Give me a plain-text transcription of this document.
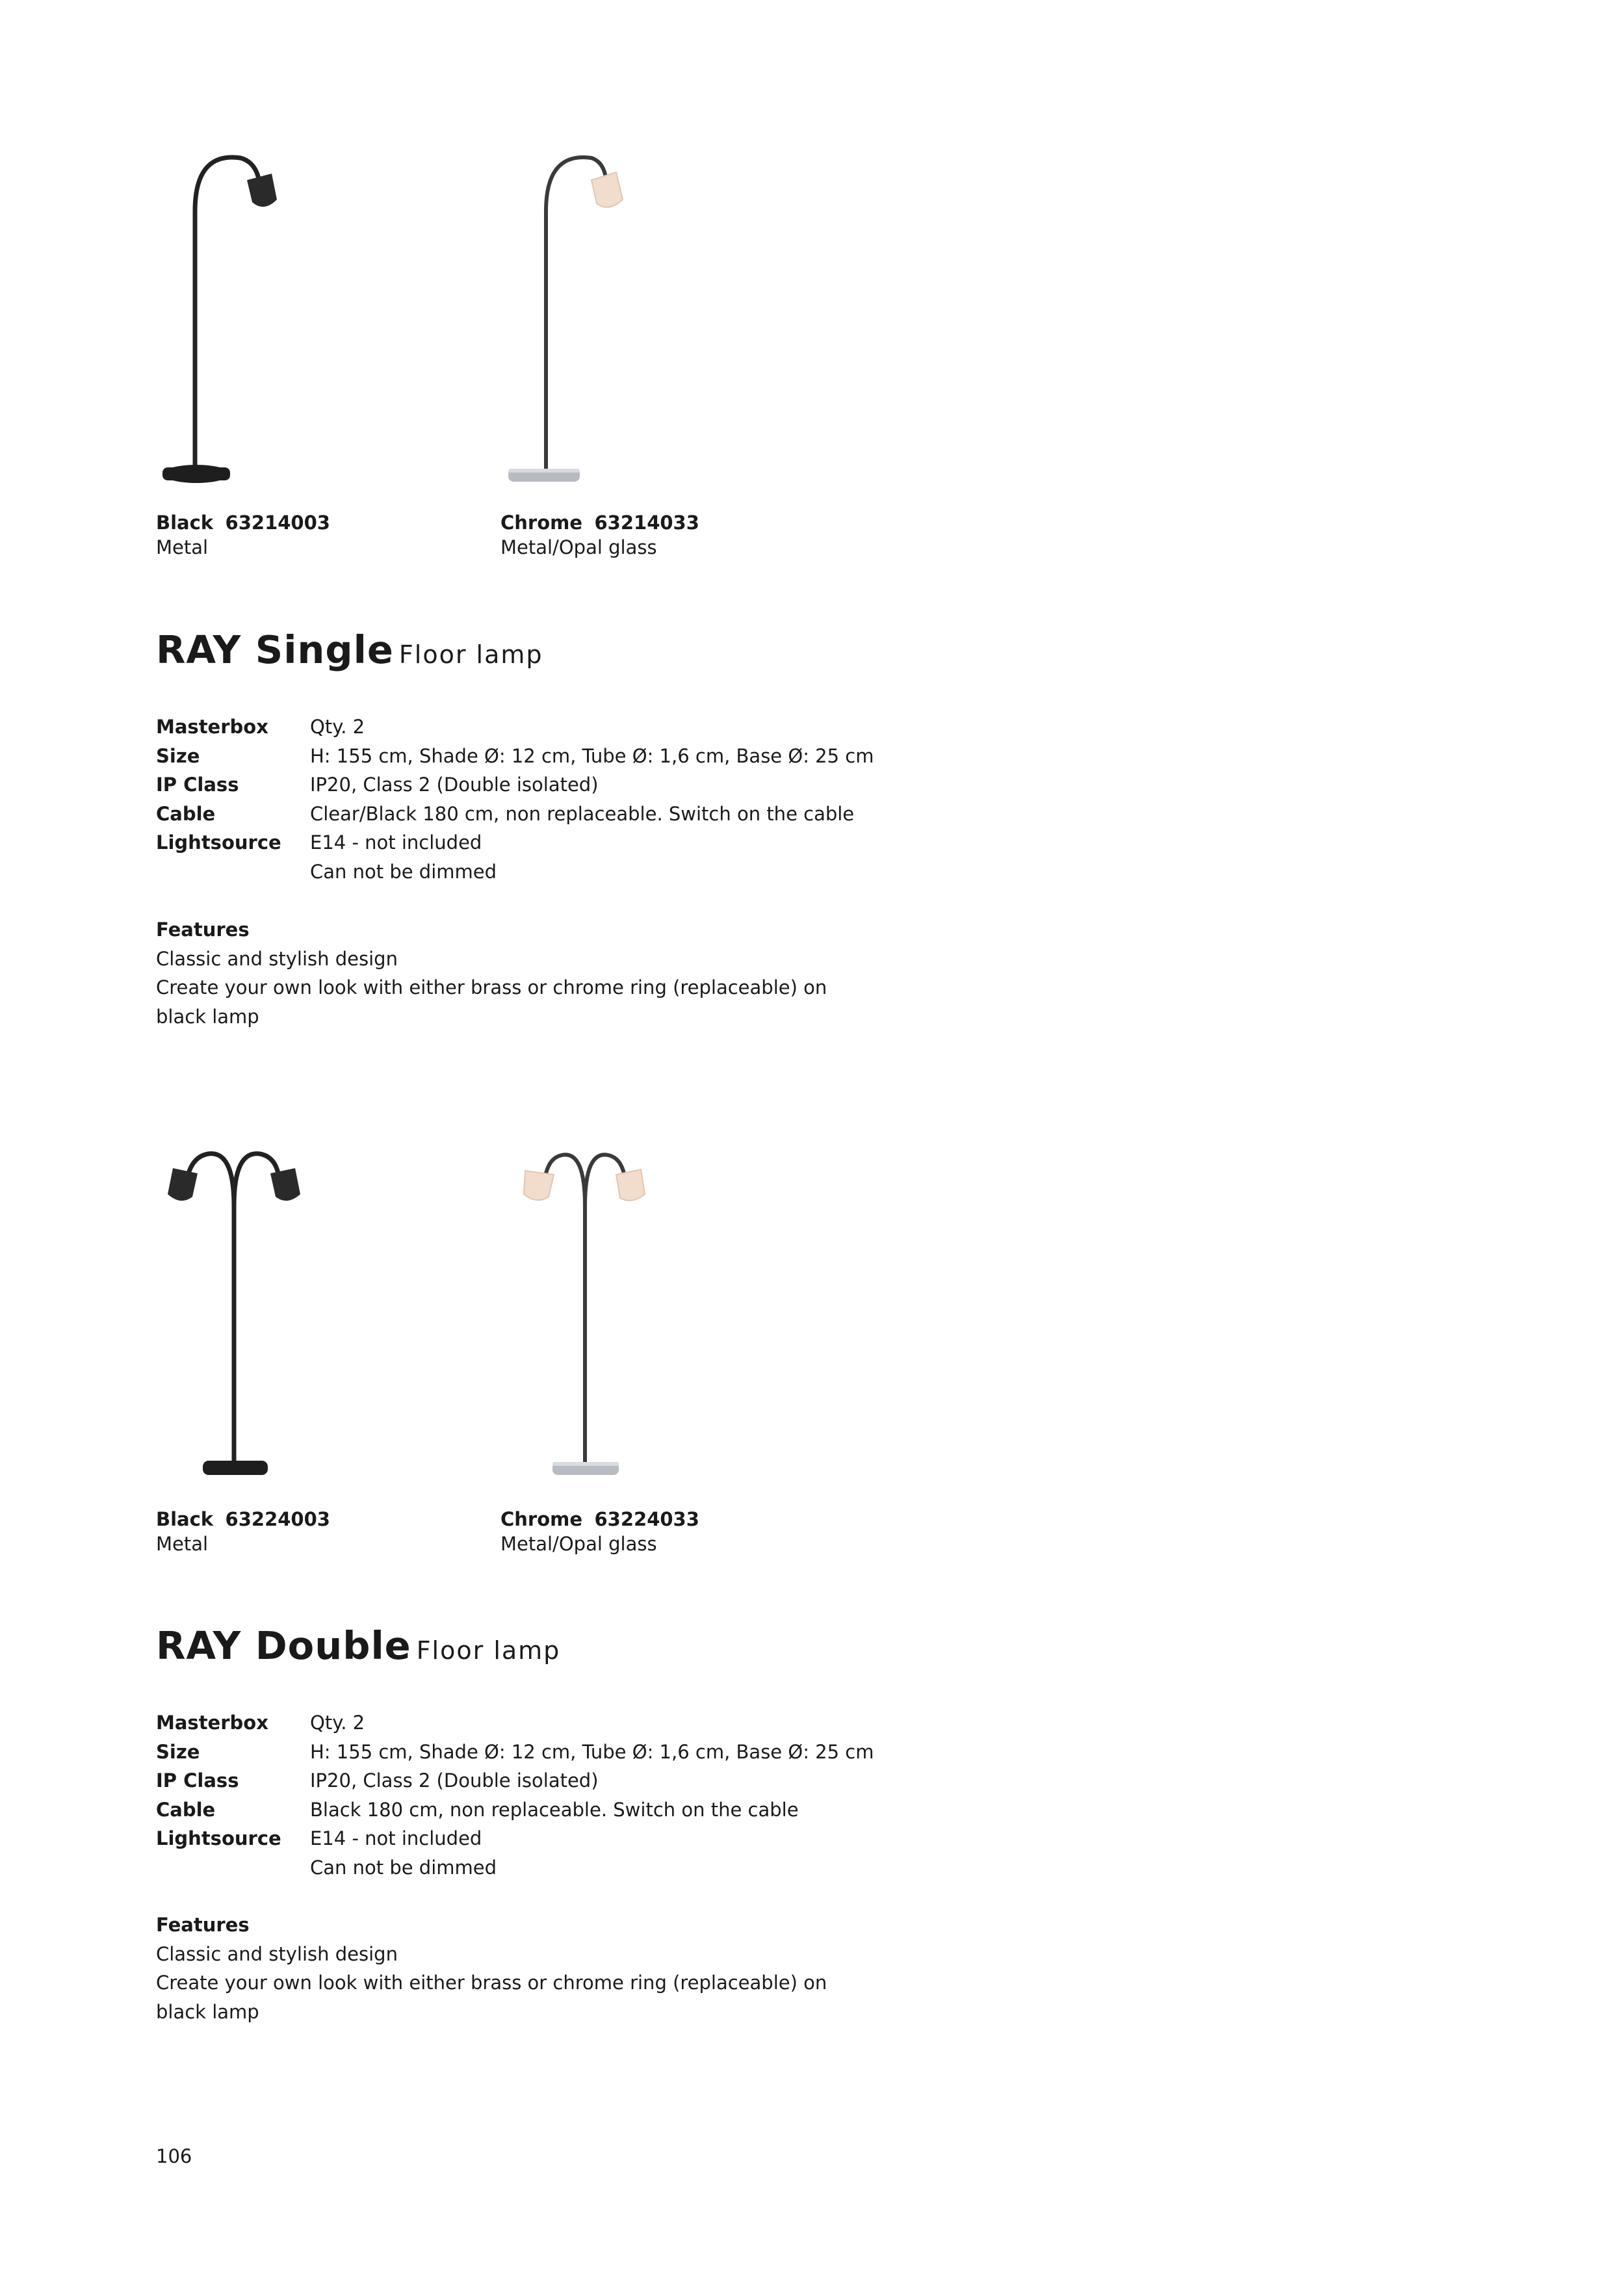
Black 63214003
Metal
Chrome 63214033
Metal/Opal glass
RAY Single Floor lamp
Masterbox	Qty. 2
Size	H: 155 cm, Shade Ø: 12 cm, Tube Ø: 1,6 cm, Base Ø: 25 cm
IP Class	IP20, Class 2 (Double isolated)
Cable	Clear/Black 180 cm, non replaceable. Switch on the cable
Lightsource	E14 - not included
Can not be dimmed
Features
Classic and stylish design
Create your own look with either brass or chrome ring (replaceable) on black lamp
Black 63224003
Metal
Chrome 63224033
Metal/Opal glass
RAY Double Floor lamp
Masterbox	Qty. 2
Size	H: 155 cm, Shade Ø: 12 cm, Tube Ø: 1,6 cm, Base Ø: 25 cm
IP Class	IP20, Class 2 (Double isolated)
Cable	Black 180 cm, non replaceable. Switch on the cable
Lightsource	E14 - not included
Can not be dimmed
Features
Classic and stylish design
Create your own look with either brass or chrome ring (replaceable) on black lamp
106
